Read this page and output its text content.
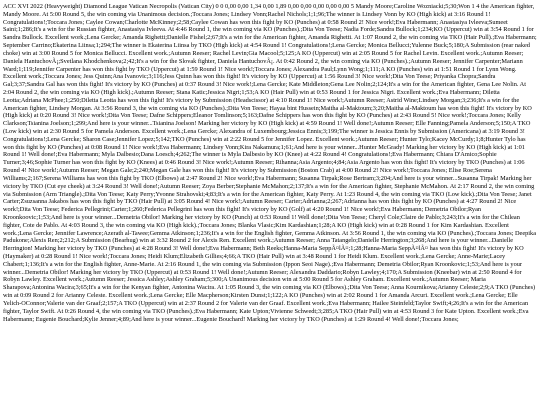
ACC XVI 2022 (Heavyweight) Diamond League Vatican Necropolis (Vatican City) 0 0 0,00 0,00 1,34 0,00 1,89 0,00 0,00 0,00 0,00 0,00 5 Mandy Moore;Caroline Wozniacki;5;30;Won 1 4 the American fighter, Mandy Moore. At 5:00 Round 5, the win coming via Unanimous decision.;Toccara Jones; Lindsey Vonn;Rachel Nichols;1;1;96;The winner is Lindsey Vonn by KO (High kick) at 3:16 Round 1! Congratulations!;Toccara Jones; Caylee Cowan;Charlotte McKinney;2;58;Caylee Cowan has won this fight by KO (Punches) at 0:58 Round 2! Nice work!;Eva Habermann; Anastasiya Ivleeva;Sumeet Saini;1;286;It's a win for the Russian fighter, Anastasiya Ivleeva. At 4:46 Round 1, the win coming via KO (Punches).;Dita Von Teese; Nadia Forde;Sandra Bullock;1;234;KO (Uppercut) win at 3:54 Round 1 for Sandra Bullock. Excellent work.;Lena Gercke; Amanda Righetti;Danielle Fishel;2;67;It's a win for the American fighter, Amanda Righetti. At 1:07 Round 2, the win coming via TKO (Hair Pull).;Eva Habermann; September Carrino;Ekaterina Liinsa;1;294;The winner is Ekaterina Liinsa by TKO (High kick) at 4:54 Round 1! Congratulations!;Lena Gercke; Monica Bellucci;Yulenne Buck;5;180;A Submission (rear naked choke) win at 3:00 Round 5 for Monica Bellucci. Excellent work.;Autumn Reeser; Rachel Levin;Gia Macool;5;125;A KO (Uppercut) win at 2:05 Round 5 for Rachel Levin. Excellent work.;Autumn Reeser; Daniela HantuchovÃ¡;Svetlana Khodchenkova;2;42;It's a win for the Slovak fighter, Daniela HantuchovÃ¡. At 0:42 Round 2, the win coming via KO (Punches).;Autumn Reeser; Jennifer Carpenter;Mariann Ward;1;119;Jennifer Carpenter has won this fight by TKO (Uppercut) at 1:59 Round 1! Nice work!;Toccara Jones; Alexandra Paul;Lynn Wong;1;111;A KO (Punches) win at 1:51 Round 1 for Lynn Wong. Excellent work.;Toccara Jones; Jess Quinn;Ana Ivanovic;3;116;Jess Quinn has won this fight! It's victory by KO (Uppercut) at 1:56 Round 3! Nice work!;Dita Von Teese; Priyanka Chopra;Sandra Gal;3;37;Sandra Gal has won this fight! It's victory by KO (Punches) at 0:37 Round 3! Nice work!;Lena Gercke; Kate Middleton;Gena Lee Nolin;2;124;It's a win for the American fighter, Gena Lee Nolin. At 2:04 Round 2, the win coming via KO (High kick).;Autumn Reeser; Stana Katic;Jessica Nigri;1;53;A KO (Hair Pull) win at 0:53 Round 1 for Jessica Nigri. Excellent work.;Eva Habermann; Diletta Leotta;Adriana McPhee;1;250;Diletta Leotta has won this fight! It's victory by Submission (Headscissor) at 4:10 Round 1! Nice work!;Autumn Reeser; Astrid Wine;Lindsey Morgan;3;236;It's a win for the American fighter, Lindsey Morgan. At 3:56 Round 3, the win coming via KO (Punches).;Dita Von Teese; Hayaa bint Hussein;Maitha al-Maktoum;3;20;Maitha al-Maktoum has won this fight! It's victory by KO (High kick) at 0:20 Round 3! Nice work!;Dita Von Teese; Dafne Schippers;Eleanor Tomlinson;5;163;Dafne Schippers has won this fight by KO (Punches) at 2:43 Round 5! Nice work!;Toccara Jones; Kelly Clarkson;Tsianina Joelson;1;299;And here is your winner...Tsianina Joelson! Marking her victory by KO (High kick) at 4:59 Round 1! Well done!;Autumn Reeser; Elle Fanning;Pamela Anderson;5;150;A TKO (Low kick) win at 2:30 Round 5 for Pamela Anderson. Excellent work.;Lena Gercke; Alexandra of Luxembourg;Jessica Ennis;3;199;The winner is Jessica Ennis by Submission (Americana) at 3:19 Round 3! Congratulations!;Lena Gercke; Sharon Case;Jennifer Lopez;5;142;TKO (Punches) win at 2:22 Round 5 for Jennifer Lopez. Excellent work.;Autumn Reeser; Hunter Tylo;Kacey McCurdy;1;8;Hunter Tylo has won this fight by KO (Punches) at 0:08 Round 1! Nice work!;Eva Habermann; Lindsey Vonn;Kira Nakamura;1;61;And here is your winner...Hunter McGrady! Marking her victory by KO (High kick) at 1:01 Round 1! Well done!;Eva Habermann; Myla Dalbesio;Dana Loesch;4;262;The winner is Myla Dalbesio by KO (Knee) at 4:22 Round 4! Congratulations!;Eva Habermann; Chiara D'Amico;Sophie Turner;3;46;Sophie Turner has won this fight by KO (Knees) at 0:46 Round 3! Nice work!;Autumn Reeser; Rihanna;Asia Argento;4;84;Asia Argento has won this fight! It's victory by TKO (Punches) at 1:06 Round 4! Nice work!;Autumn Reeser; Megan Gale;2;240;Megan Gale has won this fight! It's victory by Submission (Boston Crab) at 4:00 Round 2! Nice work!;Toccara Jones; Elise Roe;Serena Williams;2;167;Serena Williams has won this fight by TKO (Elbows) at 2:47 Round 2! Nice work!;Eva Habermann; Susanna Tirpak;Rose Bertram;3;204;And here is your winner...Susanna Tirpak! Marking her victory by TKO (Cut eye cheek) at 3:24 Round 3! Well done!;Autumn Reeser; Zoya Berber;Stephanie McMahon;2;137;It's a win for the American fighter, Stephanie McMahon. At 2:17 Round 2, the win coming via Submission (Arm Triangle).;Dita Von Teese; Katy Perry;Yvonne Strahovski;4;83;It's a win for the American fighter, Katy Perry. At 1:23 Round 4, the win coming via TKO (Low kick).;Dita Von Teese; Janet Carter;Zsuzsanna Jakabos has won this fight by TKO (Hair Pull) at 3:05 Round 4! Nice work!;Autumn Reeser; Carter;Adrianna;2;267;Adrianna has won this fight by KO (Punches) at 4:27 Round 2! Nice work!;Dita Von Teese; Federica Pellegrini;Carter;1;260;Federica Pellegrini has won this fight! It's victory by KO (Golf) at 4:20 Round 1! Nice work!;Eva Habermann; Demetria Obilor;Ryan Kroonkoovic;1;53;And here is your winner...Demetria Obilor! Marking her victory by KO (Punch) at 0:53 Round 1! Well done!;Dita Von Teese; Cheryl Cole;Claire de Pablo;3;243;It's a win for the Chilean fighter, Cote de Pablo. At 4:03 Round 3, the win coming via KO (High kick).;Toccara Jones; Blanka Vlasic;Kim Kardashian;1;28;A KO (High kick) win at 0:28 Round 1 for Kim Kardashian. Excellent work.;Lena Gercke; Jennifer Lawrence;Azerath al-Tawee;Gemma Atkinson;1;236;It's a win for the English fighter, Gemma Atkinson. At 3:56 Round 1, the win coming via KO (Punches).;Toccara Jones; Deepika Padukone;Alexis Ren;2;212;A Submission (Bearhug) win at 3:32 Round 2 for Alexis Ren. Excellent work.;Autumn Reeser; Anna Tatangelo;Danielle Herrington;3;268;And here is your winner...Danielle Herrington! Marking her victory by TKO (Punches) at 4:28 Round 3! Well done!;Eva Habermann; Beth Reeks;Hanna-Maria SeppÃ¤lÃ¤;1;28;Hanna-Maria SeppÃ¤lÃ¤ has won this fight! It's victory by KO (Haymaker) at 0:28 Round 1! Nice work!;Toccara Jones; Heidi Klum;Elizabeth Gillies;4;66;A TKO (Hair Pull) win at 3:48 Round 1 for Heidi Klum. Excellent work.;Lena Gercke; Anne-Marie;Lacey Chabert;1;136;It's a win for the English fighter, Anne-Marie. At 2:16 Round 1, the win coming via Submission (Ippon Seoi Nage).;Eva Habermann; Demetria Obilor;Ryan Kroonkovic;1;53;And here is your winner...Demetria Obilor! Marking her victory by TKO (Uppercut) at 0:53 Round 1! Well done!;Autumn Reeser; Alexandra Daddario;Robyn Lawley;4;170;A Submission (Kneebar) win at 2:50 Round 4 for Robyn Lawley. Excellent work.;Autumn Reeser; Jessica Ashley;Ashley Graham;5;300;A Unanimous decision win at 5:00 Round 5 for Ashley Graham. Excellent work.;Autumn Reeser; Maria Sharapova;Antonina Wacira;3;65;It's a win for the Kenyan fighter, Antonina Wacira. At 1:05 Round 3, the win coming via KO (Elbows).;Dita Von Teese; Anna Kournikova;Arianny Celeste;2;9;A TKO (Punches) win at 0:09 Round 2 for Arianny Celeste. Excellent work.;Lena Gercke; Elle Macpherson;Kirsten Dunst;1;122;A KO (Punches) win at 2:02 Round 1 for Amanda Arcuri. Excellent work.;Lena Gercke; Elle Yelich-OConnor;Valerie van der Graaf;2;157;A TKO (Uppercut) win at 2:37 Round 2 for Valerie van der Graaf. Excellent work.;Eva Habermann; Hailee Steinfeld;Taylor Swift;4;26;It's a win for the American fighter, Taylor Swift. At 0:26 Round 4, the win coming via TKO (Punches).;Eva Habermann; Kate Upton;Vivienne Schwedt;3;285;A TKO (Hair Pull) win at 4:53 Round 3 for Kate Upton. Excellent work.;Eva Habermann; Eugenie Bouchard;Kylie Jenner;4;89;And here is your winner...Eugenie Bouchard! Marking her victory by TKO (Punches) at 1:29 Round 4! Well done!;Toccara Jones;
